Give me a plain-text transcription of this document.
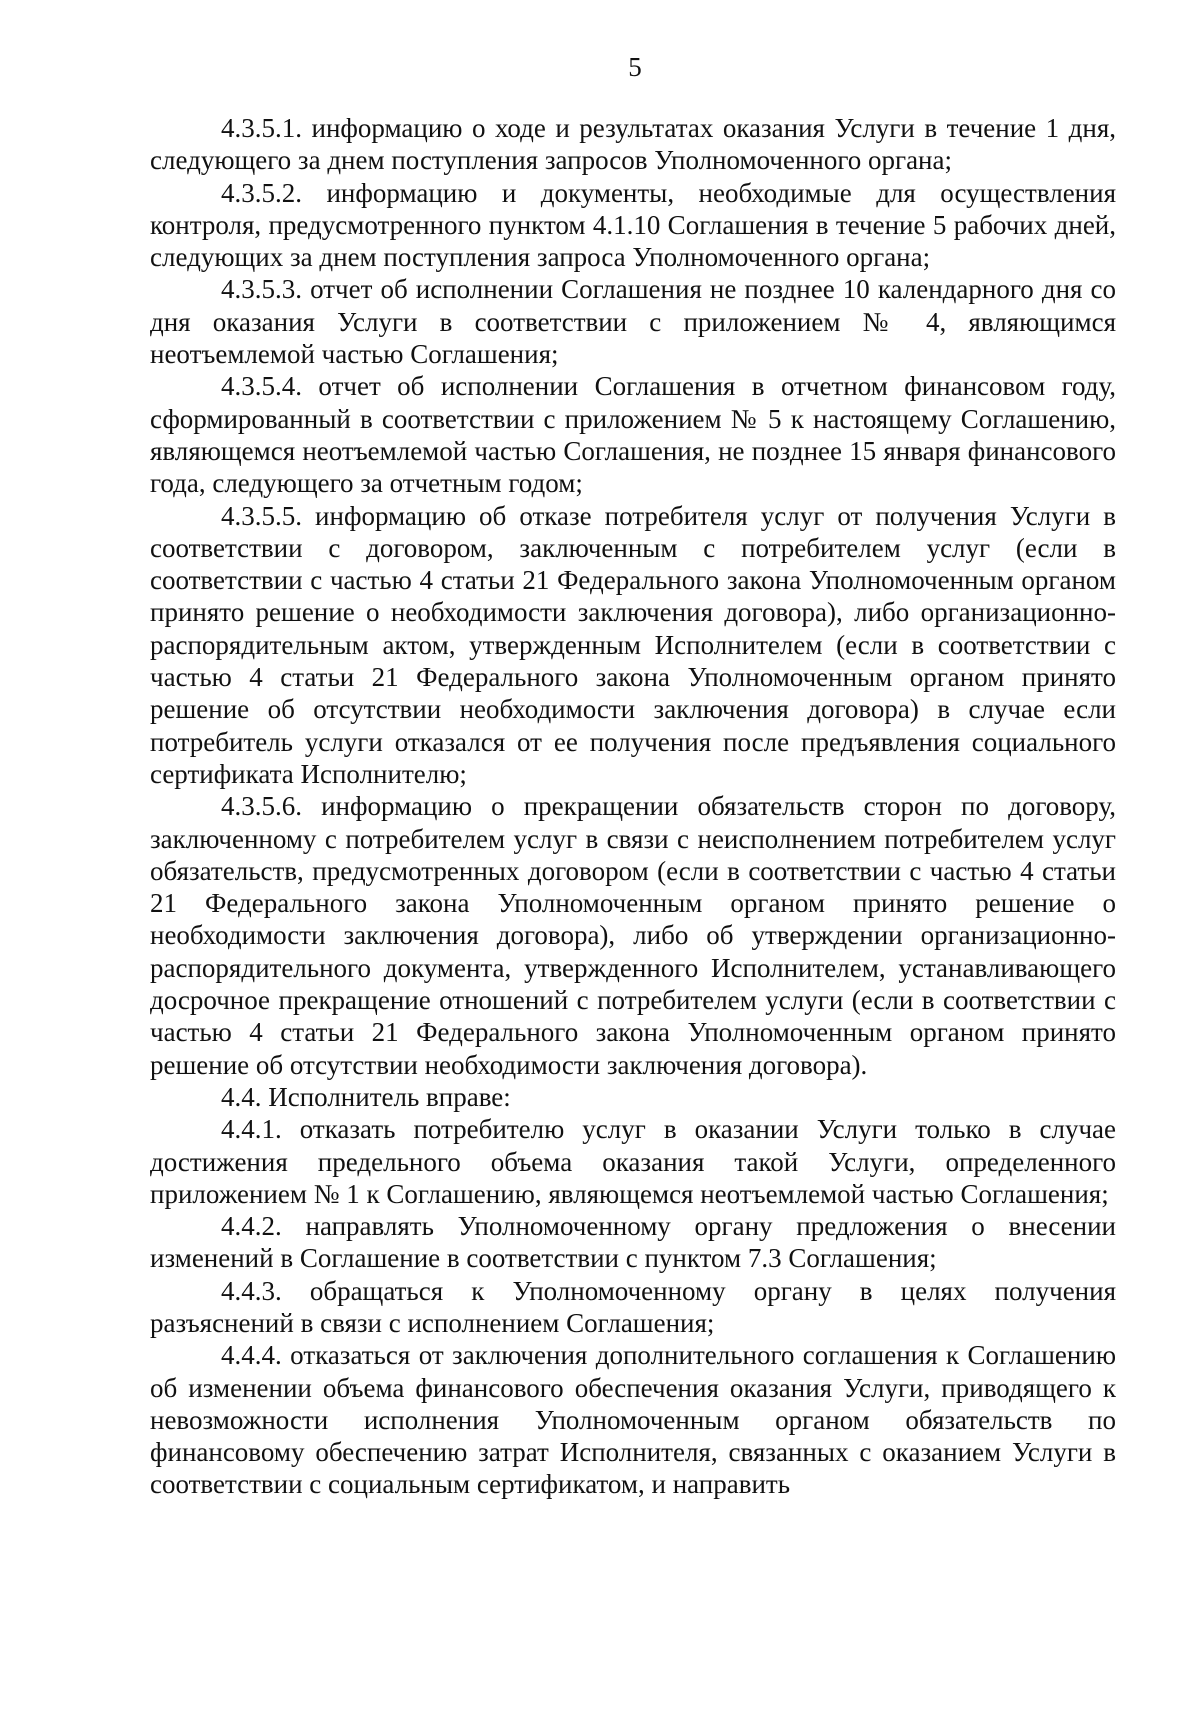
5

4.3.5.1. информацию о ходе и результатах оказания Услуги в течение 1 дня, следующего за днем поступления запросов Уполномоченного органа;

4.3.5.2. информацию и документы, необходимые для осуществления контроля, предусмотренного пунктом 4.1.10 Соглашения в течение 5 рабочих дней, следующих за днем поступления запроса Уполномоченного органа;

4.3.5.3. отчет об исполнении Соглашения не позднее 10 календарного дня со дня оказания Услуги в соответствии с приложением № 4, являющимся неотъемлемой частью Соглашения;

4.3.5.4. отчет об исполнении Соглашения в отчетном финансовом году, сформированный в соответствии с приложением № 5 к настоящему Соглашению, являющемся неотъемлемой частью Соглашения, не позднее 15 января финансового года, следующего за отчетным годом;

4.3.5.5. информацию об отказе потребителя услуг от получения Услуги в соответствии с договором, заключенным с потребителем услуг (если в соответствии с частью 4 статьи 21 Федерального закона Уполномоченным органом принято решение о необходимости заключения договора), либо организационно-распорядительным актом, утвержденным Исполнителем (если в соответствии с частью 4 статьи 21 Федерального закона Уполномоченным органом принято решение об отсутствии необходимости заключения договора) в случае если потребитель услуги отказался от ее получения после предъявления социального сертификата Исполнителю;

4.3.5.6. информацию о прекращении обязательств сторон по договору, заключенному с потребителем услуг в связи с неисполнением потребителем услуг обязательств, предусмотренных договором (если в соответствии с частью 4 статьи 21 Федерального закона Уполномоченным органом принято решение о необходимости заключения договора), либо об утверждении организационно-распорядительного документа, утвержденного Исполнителем, устанавливающего досрочное прекращение отношений с потребителем услуги (если в соответствии с частью 4 статьи 21 Федерального закона Уполномоченным органом принято решение об отсутствии необходимости заключения договора).

4.4. Исполнитель вправе:

4.4.1. отказать потребителю услуг в оказании Услуги только в случае достижения предельного объема оказания такой Услуги, определенного приложением № 1 к Соглашению, являющемся неотъемлемой частью Соглашения;

4.4.2. направлять Уполномоченному органу предложения о внесении изменений в Соглашение в соответствии с пунктом 7.3 Соглашения;

4.4.3. обращаться к Уполномоченному органу в целях получения разъяснений в связи с исполнением Соглашения;

4.4.4. отказаться от заключения дополнительного соглашения к Соглашению об изменении объема финансового обеспечения оказания Услуги, приводящего к невозможности исполнения Уполномоченным органом обязательств по финансовому обеспечению затрат Исполнителя, связанных с оказанием Услуги в соответствии с социальным сертификатом, и направить
